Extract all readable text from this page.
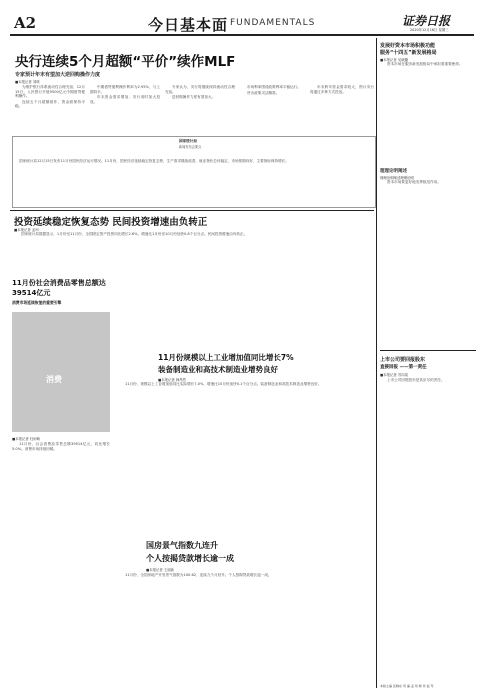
A2	今日基本面 FUNDAMENTALS	证券日报
2020年12月16日 星期三
央行连续5个月超额“平价”续作MLF
专家预计年末有望加大逆回购操作力度
■本报记者 刘琪

为维护银行体系流动性合理充裕，12月15日，人民银行开展9500亿元中期借贷便利操作。

连续五个月超额续作，资金面保持平稳。

中期借贷便利操作利率为2.95%，与上期持平。

年末资金需求增加，央行适时加大投放。

专家认为，央行将继续保持流动性合理充裕。

逆回购操作力度有望加大。

市场利率围绕政策利率平稳运行。

货币政策灵活精准。

年末跨年资金需求较大，预计央行将通过多种方式投放。

国家统计局
新闻发布会要点
国家统计局12月15日发布11月份国民经济运行情况。11月份，国民经济延续稳定恢复态势，生产需求继续改善，就业物价总体稳定，市场预期向好，主要指标保持增长。
投资延续稳定恢复态势 民间投资增速由负转正
■本报记者 孟珂

国家统计局数据显示，1月份至11月份，全国固定资产投资同比增长2.6%，增速比1月份至10月份加快0.8个百分点。民间投资增速由负转正。

11月份社会消费品零售总额达39514亿元
消费市场延续恢复的重要引擎
消费
■本报记者 杜雨萌

11月份，社会消费品零售总额39514亿元，同比增长5.0%。消费市场持续回暖。

11月份规模以上工业增加值同比增长7%
装备制造业和高技术制造业增势良好
■本报记者 韩昂然

11月份，规模以上工业增加值同比实际增长7.0%，增速比10月份加快0.1个百分点。装备制造业和高技术制造业增势良好。

国房景气指数九连升
个人按揭贷款增长逾一成
■本报记者 王丽新

11月份，全国房地产开发景气指数为100.62，连续九个月回升。个人按揭贷款增长逾一成。

发展好资本市场积极功能
服务“十四五”新发展格局
■本报记者 吴晓璐

资本市场在服务新发展格局中承担着重要使命。

理理论明阐述
理理论明阐述理理论明

资本市场要更好地发挥枢纽作用。

上市公司要回报股东
直接回报 ——第一责任
■本报记者 苏向杲

上市公司回报股东是其应尽的责任。

本版主编 张晓东 责 编 孟 珂 制 作 赵 军
